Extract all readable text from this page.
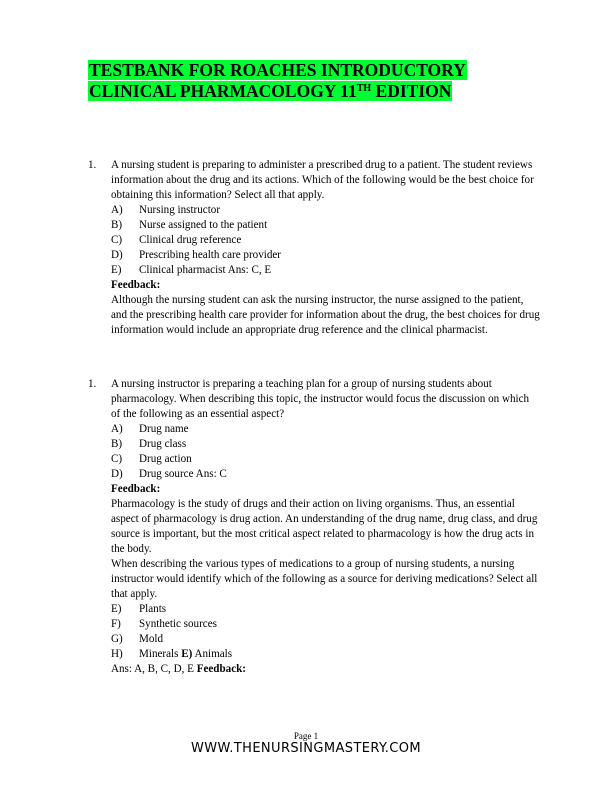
TESTBANK FOR ROACHES INTRODUCTORY
CLINICAL PHARMACOLOGY 11TH EDITION
1. A nursing student is preparing to administer a prescribed drug to a patient. The student reviews information about the drug and its actions. Which of the following would be the best choice for obtaining this information? Select all that apply.

A)	Nursing instructor
B)	Nurse assigned to the patient
C)	Clinical drug reference
D)	Prescribing health care provider
E)	Clinical pharmacist Ans: C, E

Feedback:

Although the nursing student can ask the nursing instructor, the nurse assigned to the patient, and the prescribing health care provider for information about the drug, the best choices for drug information would include an appropriate drug reference and the clinical pharmacist.

1. A nursing instructor is preparing a teaching plan for a group of nursing students about pharmacology. When describing this topic, the instructor would focus the discussion on which of the following as an essential aspect?

A)	Drug name
B)	Drug class
C)	Drug action
D)	Drug source Ans: C

Feedback:

Pharmacology is the study of drugs and their action on living organisms. Thus, an essential aspect of pharmacology is drug action. An understanding of the drug name, drug class, and drug source is important, but the most critical aspect related to pharmacology is how the drug acts in the body.

When describing the various types of medications to a group of nursing students, a nursing instructor would identify which of the following as a source for deriving medications? Select all that apply.

E)	Plants
F)	Synthetic sources
G)	Mold
H)	Minerals E) Animals

Ans: A, B, C, D, E Feedback:

Page 1
WWW.THENURSINGMASTERY.COM
